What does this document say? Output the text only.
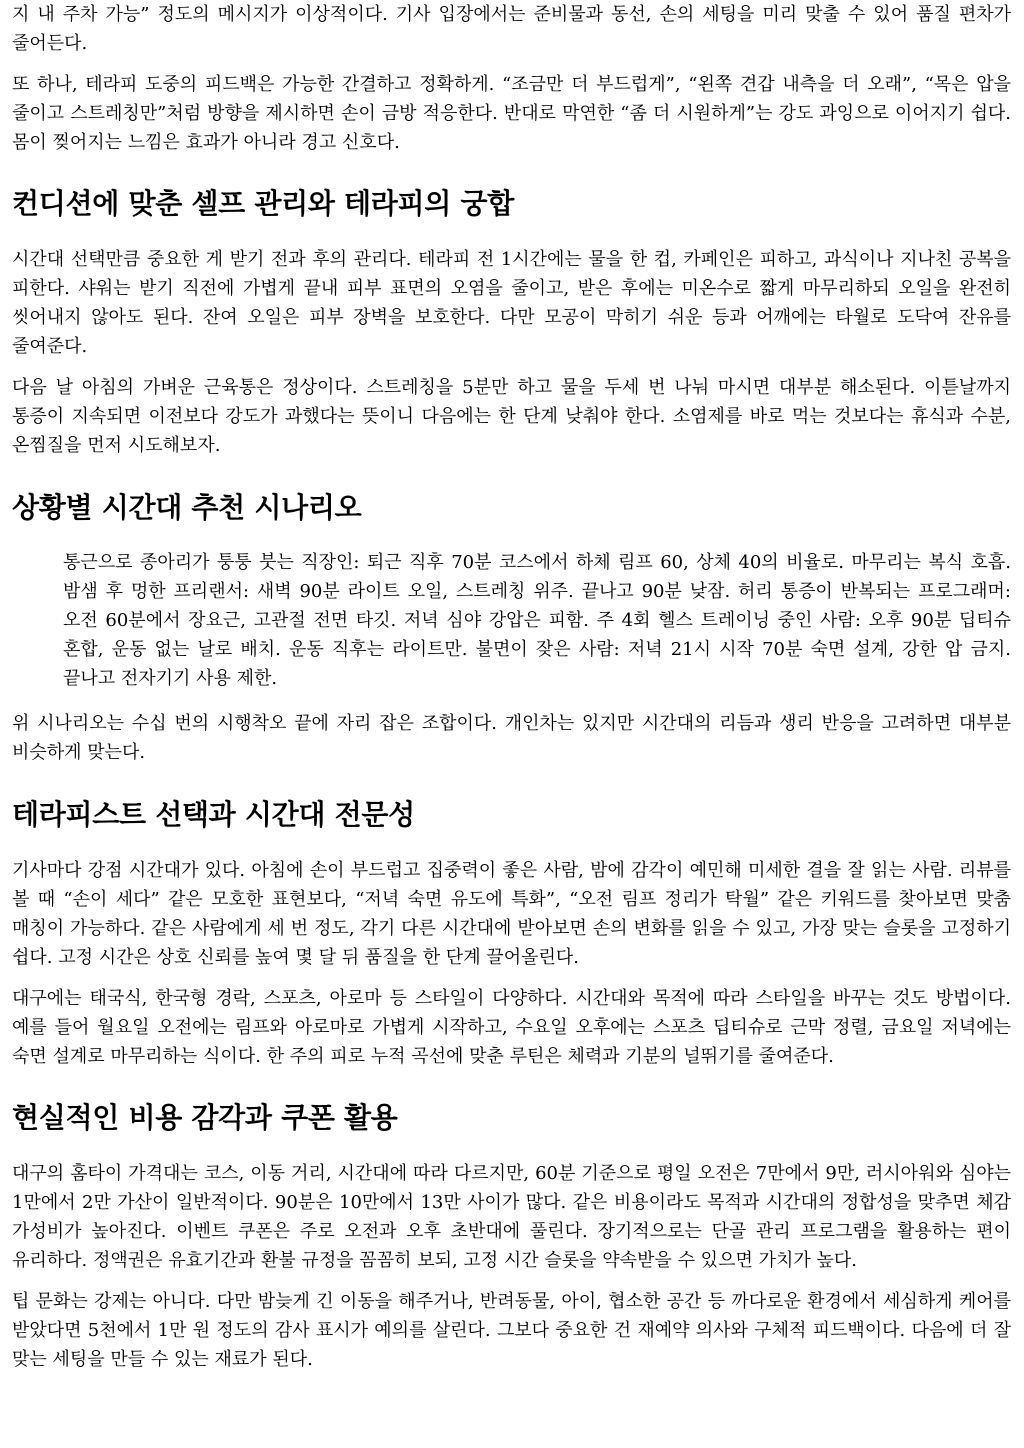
지 내 주차 가능” 정도의 메시지가 이상적이다. 기사 입장에서는 준비물과 동선, 손의 세팅을 미리 맞출 수 있어 품질 편차가 줄어든다.

또 하나, 테라피 도중의 피드백은 가능한 간결하고 정확하게. “조금만 더 부드럽게”, “왼쪽 견갑 내측을 더 오래”, “목은 압을 줄이고 스트레칭만”처럼 방향을 제시하면 손이 금방 적응한다. 반대로 막연한 “좀 더 시원하게”는 강도 과잉으로 이어지기 쉽다. 몸이 찢어지는 느낌은 효과가 아니라 경고 신호다.

컨디션에 맞춘 셀프 관리와 테라피의 궁합

시간대 선택만큼 중요한 게 받기 전과 후의 관리다. 테라피 전 1시간에는 물을 한 컵, 카페인은 피하고, 과식이나 지나친 공복을 피한다. 샤워는 받기 직전에 가볍게 끝내 피부 표면의 오염을 줄이고, 받은 후에는 미온수로 짧게 마무리하되 오일을 완전히 씻어내지 않아도 된다. 잔여 오일은 피부 장벽을 보호한다. 다만 모공이 막히기 쉬운 등과 어깨에는 타월로 도닥여 잔유를 줄여준다.

다음 날 아침의 가벼운 근육통은 정상이다. 스트레칭을 5분만 하고 물을 두세 번 나눠 마시면 대부분 해소된다. 이튿날까지 통증이 지속되면 이전보다 강도가 과했다는 뜻이니 다음에는 한 단계 낮춰야 한다. 소염제를 바로 먹는 것보다는 휴식과 수분, 온찜질을 먼저 시도해보자.

상황별 시간대 추천 시나리오

통근으로 종아리가 퉁퉁 붓는 직장인: 퇴근 직후 70분 코스에서 하체 림프 60, 상체 40의 비율로. 마무리는 복식 호흡. 밤샘 후 멍한 프리랜서: 새벽 90분 라이트 오일, 스트레칭 위주. 끝나고 90분 낮잠. 허리 통증이 반복되는 프로그래머: 오전 60분에서 장요근, 고관절 전면 타깃. 저녁 심야 강압은 피함. 주 4회 헬스 트레이닝 중인 사람: 오후 90분 딥티슈 혼합, 운동 없는 날로 배치. 운동 직후는 라이트만. 불면이 잦은 사람: 저녁 21시 시작 70분 숙면 설계, 강한 압 금지. 끝나고 전자기기 사용 제한.

위 시나리오는 수십 번의 시행착오 끝에 자리 잡은 조합이다. 개인차는 있지만 시간대의 리듬과 생리 반응을 고려하면 대부분 비슷하게 맞는다.

테라피스트 선택과 시간대 전문성

기사마다 강점 시간대가 있다. 아침에 손이 부드럽고 집중력이 좋은 사람, 밤에 감각이 예민해 미세한 결을 잘 읽는 사람. 리뷰를 볼 때 “손이 세다” 같은 모호한 표현보다, “저녁 숙면 유도에 특화”, “오전 림프 정리가 탁월” 같은 키워드를 찾아보면 맞춤 매칭이 가능하다. 같은 사람에게 세 번 정도, 각기 다른 시간대에 받아보면 손의 변화를 읽을 수 있고, 가장 맞는 슬롯을 고정하기 쉽다. 고정 시간은 상호 신뢰를 높여 몇 달 뒤 품질을 한 단계 끌어올린다.

대구에는 태국식, 한국형 경락, 스포츠, 아로마 등 스타일이 다양하다. 시간대와 목적에 따라 스타일을 바꾸는 것도 방법이다. 예를 들어 월요일 오전에는 림프와 아로마로 가볍게 시작하고, 수요일 오후에는 스포츠 딥티슈로 근막 정렬, 금요일 저녁에는 숙면 설계로 마무리하는 식이다. 한 주의 피로 누적 곡선에 맞춘 루틴은 체력과 기분의 널뛰기를 줄여준다.

현실적인 비용 감각과 쿠폰 활용

대구의 홈타이 가격대는 코스, 이동 거리, 시간대에 따라 다르지만, 60분 기준으로 평일 오전은 7만에서 9만, 러시아워와 심야는 1만에서 2만 가산이 일반적이다. 90분은 10만에서 13만 사이가 많다. 같은 비용이라도 목적과 시간대의 정합성을 맞추면 체감 가성비가 높아진다. 이벤트 쿠폰은 주로 오전과 오후 초반대에 풀린다. 장기적으로는 단골 관리 프로그램을 활용하는 편이 유리하다. 정액권은 유효기간과 환불 규정을 꼼꼼히 보되, 고정 시간 슬롯을 약속받을 수 있으면 가치가 높다.

팁 문화는 강제는 아니다. 다만 밤늦게 긴 이동을 해주거나, 반려동물, 아이, 협소한 공간 등 까다로운 환경에서 세심하게 케어를 받았다면 5천에서 1만 원 정도의 감사 표시가 예의를 살린다. 그보다 중요한 건 재예약 의사와 구체적 피드백이다. 다음에 더 잘 맞는 세팅을 만들 수 있는 재료가 된다.
